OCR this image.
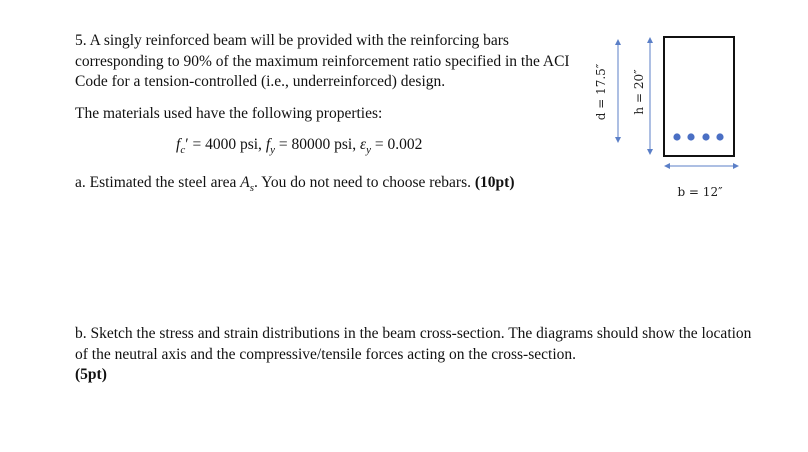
5. A singly reinforced beam will be provided with the reinforcing bars corresponding to 90% of the maximum reinforcement ratio specified in the ACI Code for a tension-controlled (i.e., underreinforced) design.
The materials used have the following properties:
$f_c' = 4000$ psi, $f_y = 80000$ psi, $\varepsilon_y = 0.002$
a. Estimated the steel area $A_s$. You do not need to choose rebars. (10pt)
b. Sketch the stress and strain distributions in the beam cross-section. The diagrams should show the location of the neutral axis and the compressive/tensile forces acting on the cross-section.
(5pt)
d = 17.5″ h = 20″
b = 12″
